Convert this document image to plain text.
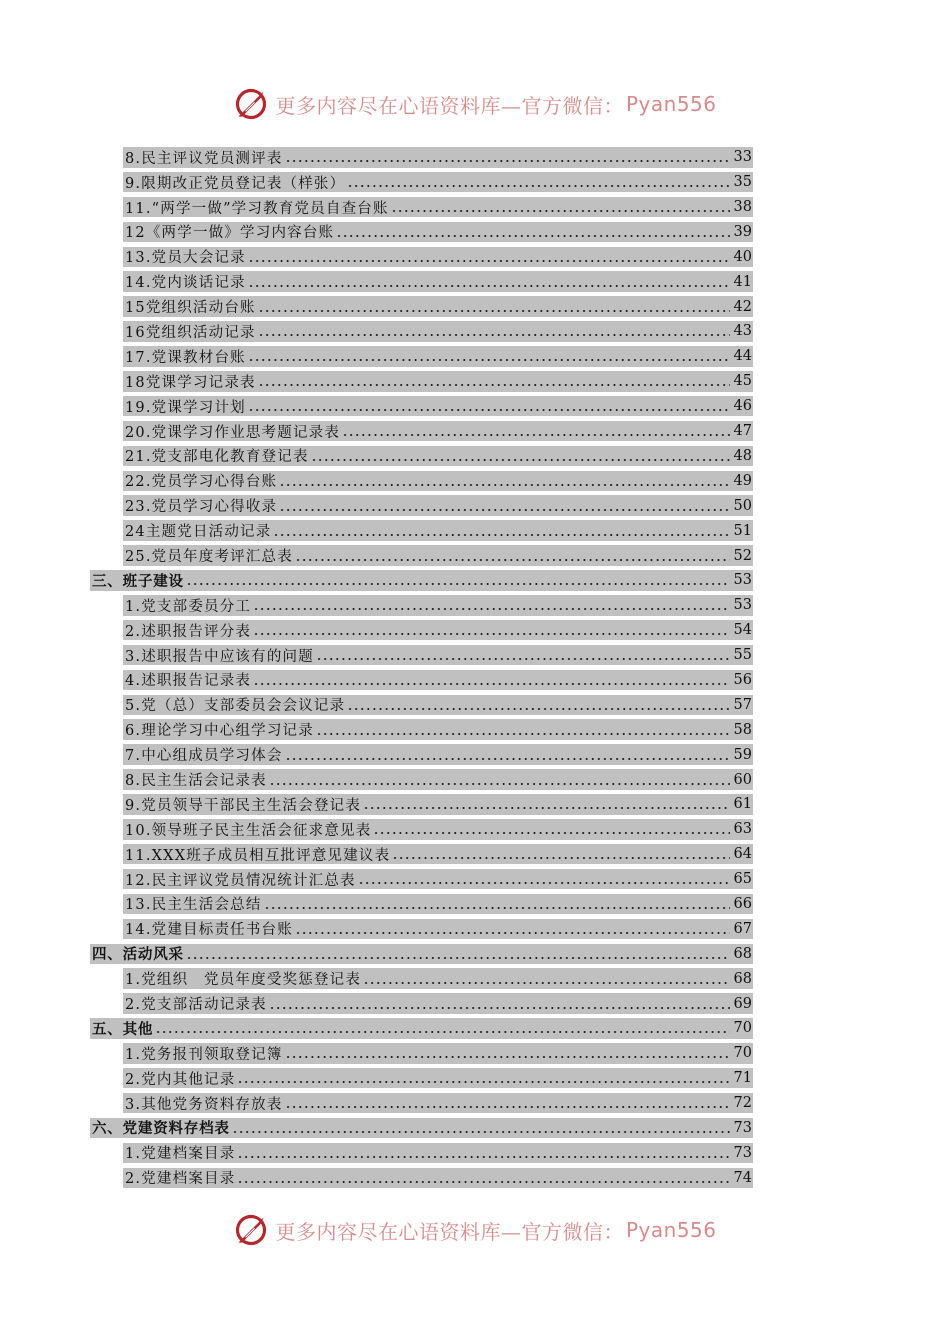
更多内容尽在心语资料库—官方微信： Pyan556
8.民主评议党员测评表	33
9.限期改正党员登记表（样张）	35
11.“两学一做”学习教育党员自查台账	38
12《两学一做》学习内容台账	39
13.党员大会记录	40
14.党内谈话记录	41
15党组织活动台账	42
16党组织活动记录	43
17.党课教材台账	44
18党课学习记录表	45
19.党课学习计划	46
20.党课学习作业思考题记录表	47
21.党支部电化教育登记表	48
22.党员学习心得台账	49
23.党员学习心得收录	50
24主题党日活动记录	51
25.党员年度考评汇总表	52
三、班子建设	53
1.党支部委员分工	53
2.述职报告评分表	54
3.述职报告中应该有的问题	55
4.述职报告记录表	56
5.党（总）支部委员会会议记录	57
6.理论学习中心组学习记录	58
7.中心组成员学习体会	59
8.民主生活会记录表	60
9.党员领导干部民主生活会登记表	61
10.领导班子民主生活会征求意见表	63
11.XXX班子成员相互批评意见建议表	64
12.民主评议党员情况统计汇总表	65
13.民主生活会总结	66
14.党建目标责任书台账	67
四、活动风采	68
1.党组织　党员年度受奖惩登记表	68
2.党支部活动记录表	69
五、其他	70
1.党务报刊领取登记簿	70
2.党内其他记录	71
3.其他党务资料存放表	72
六、党建资料存档表	73
1.党建档案目录	73
2.党建档案目录	74
更多内容尽在心语资料库—官方微信： Pyan556
